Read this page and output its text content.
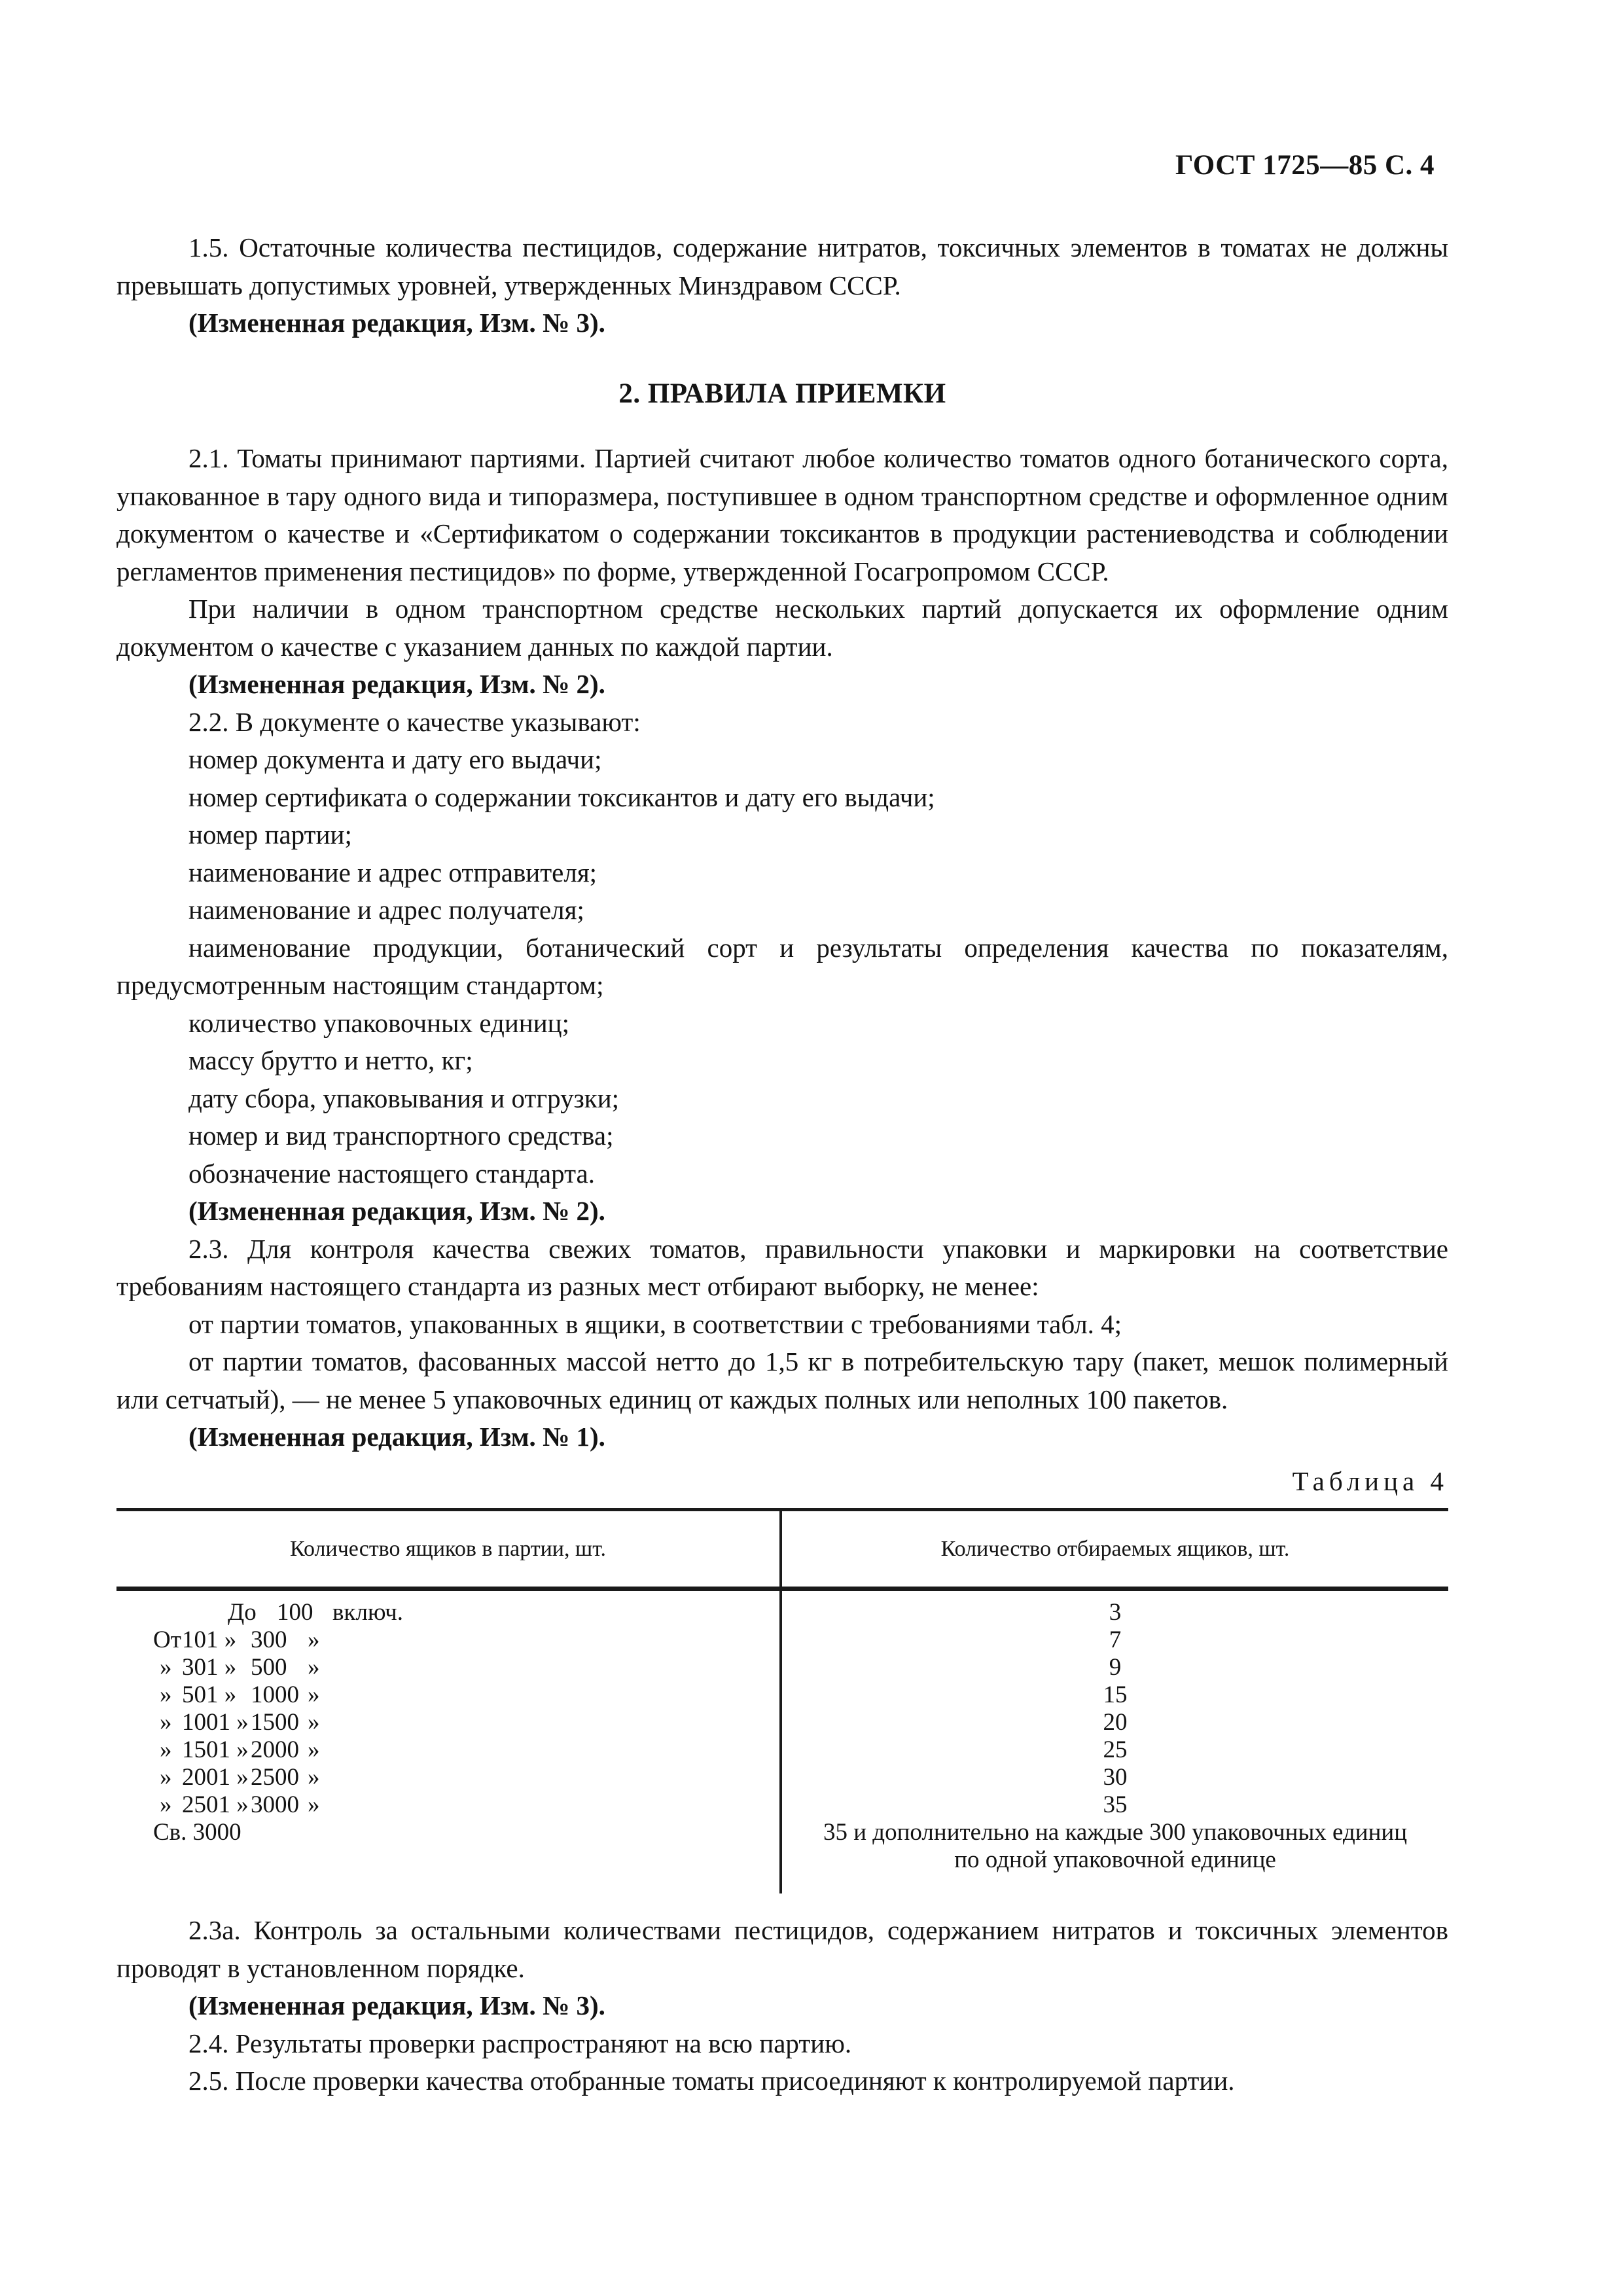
ГОСТ 1725—85 С. 4

1.5. Остаточные количества пестицидов, содержание нитратов, токсичных элементов в томатах не должны превышать допустимых уровней, утвержденных Минздравом СССР.

(Измененная редакция, Изм. № 3).

2. ПРАВИЛА ПРИЕМКИ

2.1. Томаты принимают партиями. Партией считают любое количество томатов одного ботанического сорта, упакованное в тару одного вида и типоразмера, поступившее в одном транспортном средстве и оформленное одним документом о качестве и «Сертификатом о содержании токсикантов в продукции растениеводства и соблюдении регламентов применения пестицидов» по форме, утвержденной Госагропромом СССР.

При наличии в одном транспортном средстве нескольких партий допускается их оформление одним документом о качестве с указанием данных по каждой партии.

(Измененная редакция, Изм. № 2).

2.2. В документе о качестве указывают:

номер документа и дату его выдачи;

номер сертификата о содержании токсикантов и дату его выдачи;

номер партии;

наименование и адрес отправителя;

наименование и адрес получателя;

наименование продукции, ботанический сорт и результаты определения качества по показателям, предусмотренным настоящим стандартом;

количество упаковочных единиц;

массу брутто и нетто, кг;

дату сбора, упаковывания и отгрузки;

номер и вид транспортного средства;

обозначение настоящего стандарта.

(Измененная редакция, Изм. № 2).

2.3. Для контроля качества свежих томатов, правильности упаковки и маркировки на соответствие требованиям настоящего стандарта из разных мест отбирают выборку, не менее:

от партии томатов, упакованных в ящики, в соответствии с требованиями табл. 4;

от партии томатов, фасованных массой нетто до 1,5 кг в потребительскую тару (пакет, мешок полимерный или сетчатый), — не менее 5 упаковочных единиц от каждых полных или неполных 100 пакетов.

(Измененная редакция, Изм. № 1).

Таблица 4
Количество ящиков в партии, шт.	Количество отбираемых ящиков, шт.
До 100 включ.
От 101 » 300 »
» 301 » 500 »
» 501 » 1000 »
» 1001 » 1500 »
» 1501 » 2000 »
» 2001 » 2500 »
» 2501 » 3000 »
Св. 3000
3
7
9
15
20
25
30
35
35 и дополнительно на каждые 300 упаковочных единиц по одной упаковочной единице

2.3а. Контроль за остальными количествами пестицидов, содержанием нитратов и токсичных элементов проводят в установленном порядке.

(Измененная редакция, Изм. № 3).

2.4. Результаты проверки распространяют на всю партию.

2.5. После проверки качества отобранные томаты присоединяют к контролируемой партии.
